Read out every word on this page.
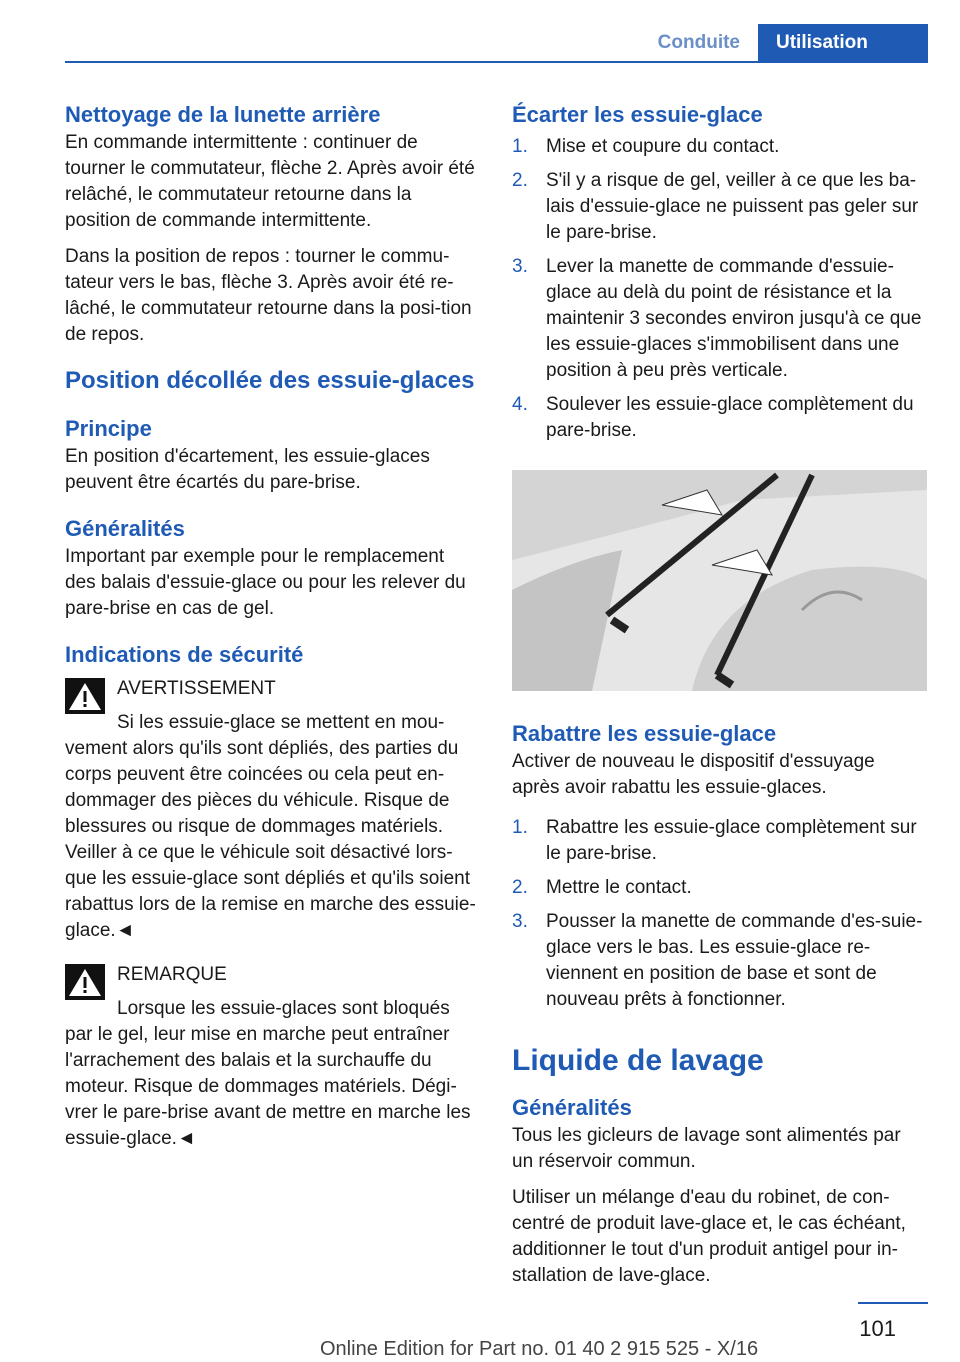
Conduite	Utilisation
Nettoyage de la lunette arrière

En commande intermittente : continuer de tourner le commutateur, flèche 2. Après avoir été relâché, le commutateur retourne dans la position de commande intermittente.

Dans la position de repos : tourner le commu‐tateur vers le bas, flèche 3. Après avoir été re‐lâché, le commutateur retourne dans la posi‐tion de repos.

Position décollée des essuie-glaces
Principe

En position d'écartement, les essuie-glaces peuvent être écartés du pare-brise.

Généralités

Important par exemple pour le remplacement des balais d'essuie-glace ou pour les relever du pare-brise en cas de gel.

Indications de sécurité

AVERTISSEMENT

Si les essuie-glace se mettent en mou‐

vement alors qu'ils sont dépliés, des parties du corps peuvent être coincées ou cela peut en‐dommager des pièces du véhicule. Risque de blessures ou risque de dommages matériels. Veiller à ce que le véhicule soit désactivé lors‐que les essuie-glace sont dépliés et qu'ils soient rabattus lors de la remise en marche des essuie-glace.◄

REMARQUE

Lorsque les essuie-glaces sont bloqués

par le gel, leur mise en marche peut entraîner l'arrachement des balais et la surchauffe du moteur. Risque de dommages matériels. Dégi‐vrer le pare-brise avant de mettre en marche les essuie-glace.◄

Écarter les essuie-glace
1. Mise et coupure du contact.
2. S'il y a risque de gel, veiller à ce que les ba‐lais d'essuie-glace ne puissent pas geler sur le pare-brise.
3. Lever la manette de commande d'essuie-glace au delà du point de résistance et la maintenir 3 secondes environ jusqu'à ce que les essuie-glaces s'immobilisent dans une position à peu près verticale.
4. Soulever les essuie-glace complètement du pare-brise.
Rabattre les essuie-glace

Activer de nouveau le dispositif d'essuyage après avoir rabattu les essuie-glaces.

1. Rabattre les essuie-glace complètement sur le pare-brise.
2. Mettre le contact.
3. Pousser la manette de commande d'es‐suie-glace vers le bas. Les essuie-glace re‐viennent en position de base et sont de nouveau prêts à fonctionner.
Liquide de lavage
Généralités

Tous les gicleurs de lavage sont alimentés par un réservoir commun.

Utiliser un mélange d'eau du robinet, de con‐centré de produit lave-glace et, le cas échéant, additionner le tout d'un produit antigel pour in‐stallation de lave-glace.

101
Online Edition for Part no. 01 40 2 915 525 - X/16
